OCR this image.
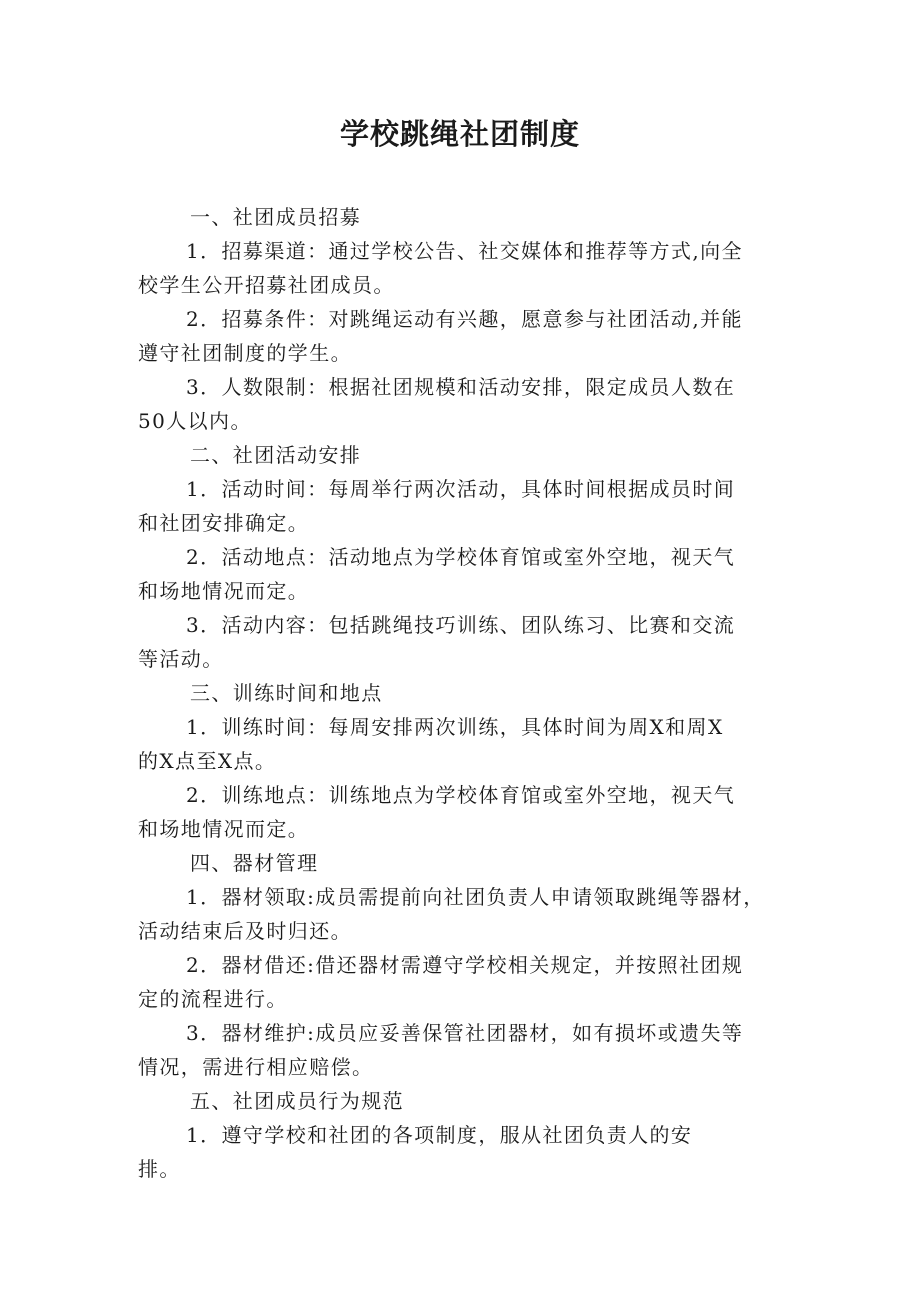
学校跳绳社团制度
一、社团成员招募
1．招募渠道：通过学校公告、社交媒体和推荐等方式,向全
校学生公开招募社团成员。
2．招募条件：对跳绳运动有兴趣，愿意参与社团活动,并能
遵守社团制度的学生。
3．人数限制：根据社团规模和活动安排，限定成员人数在
50人以内。
二、社团活动安排
1．活动时间：每周举行两次活动，具体时间根据成员时间
和社团安排确定。
2．活动地点：活动地点为学校体育馆或室外空地，视天气
和场地情况而定。
3．活动内容：包括跳绳技巧训练、团队练习、比赛和交流
等活动。
三、训练时间和地点
1．训练时间：每周安排两次训练，具体时间为周X和周X
的X点至X点。
2．训练地点：训练地点为学校体育馆或室外空地，视天气
和场地情况而定。
四、器材管理
1．器材领取:成员需提前向社团负责人申请领取跳绳等器材，
活动结束后及时归还。
2．器材借还:借还器材需遵守学校相关规定，并按照社团规
定的流程进行。
3．器材维护:成员应妥善保管社团器材，如有损坏或遗失等
情况，需进行相应赔偿。
五、社团成员行为规范
1．遵守学校和社团的各项制度，服从社团负责人的安
排。
